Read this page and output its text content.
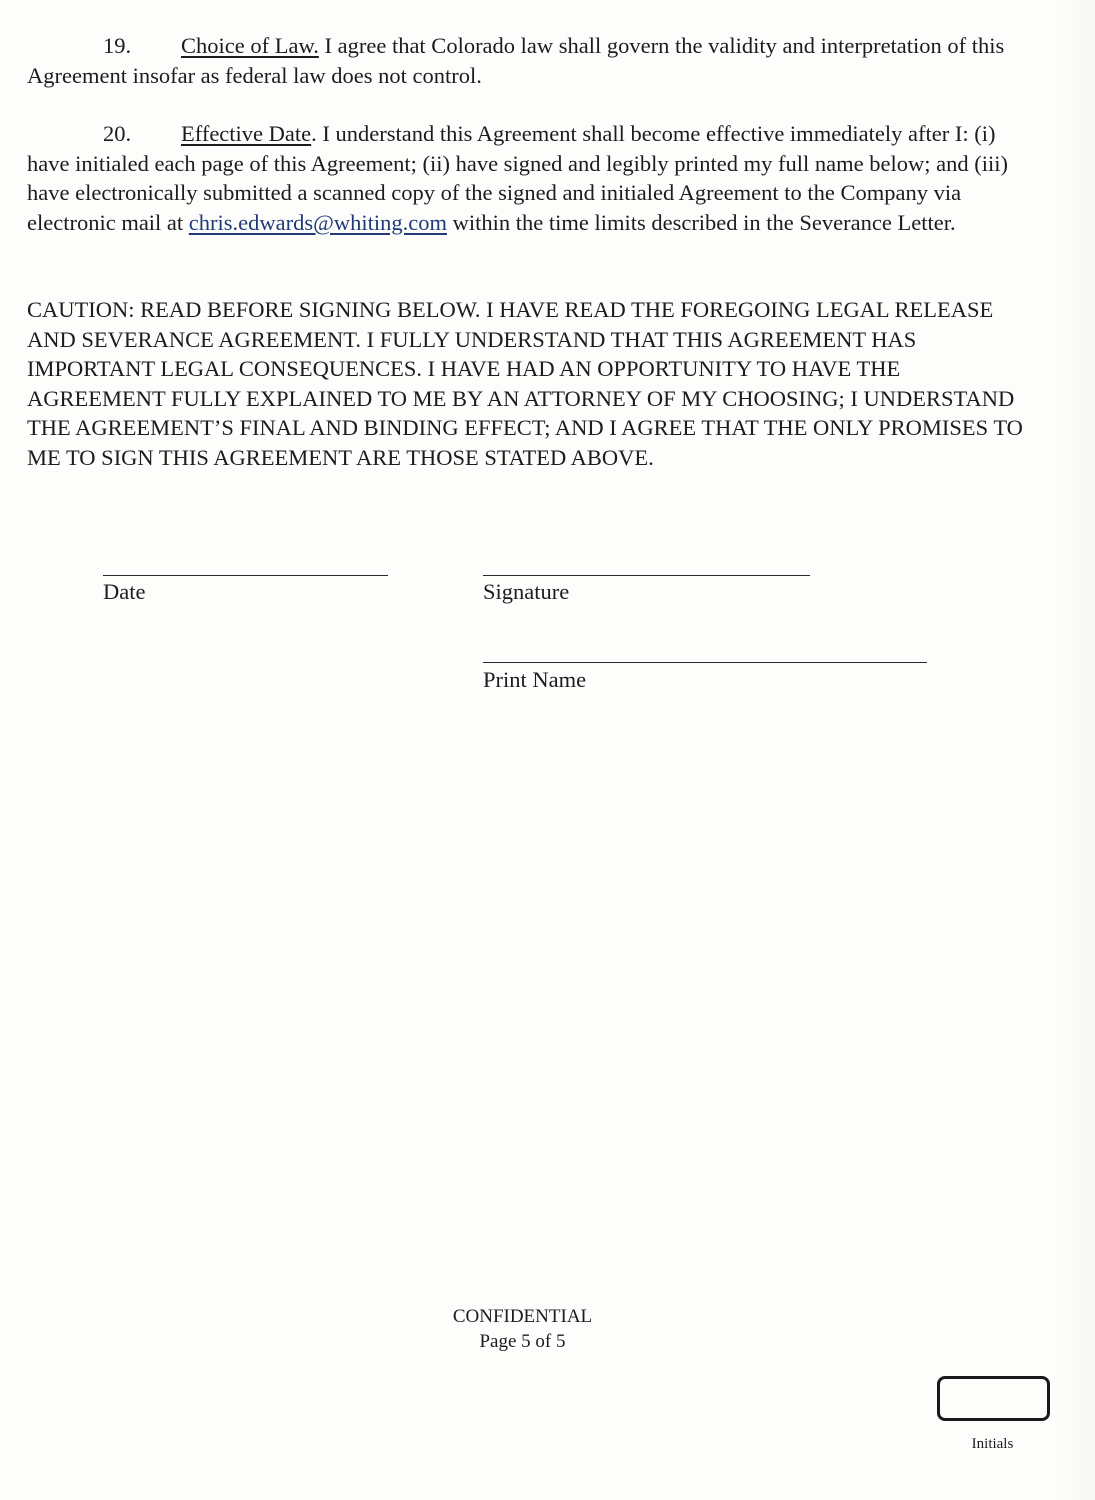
19. Choice of Law. I agree that Colorado law shall govern the validity and interpretation of this Agreement insofar as federal law does not control.

20. Effective Date. I understand this Agreement shall become effective immediately after I: (i) have initialed each page of this Agreement; (ii) have signed and legibly printed my full name below; and (iii) have electronically submitted a scanned copy of the signed and initialed Agreement to the Company via electronic mail at chris.edwards@whiting.com within the time limits described in the Severance Letter.

CAUTION: READ BEFORE SIGNING BELOW. I HAVE READ THE FOREGOING LEGAL RELEASE AND SEVERANCE AGREEMENT. I FULLY UNDERSTAND THAT THIS AGREEMENT HAS IMPORTANT LEGAL CONSEQUENCES. I HAVE HAD AN OPPORTUNITY TO HAVE THE AGREEMENT FULLY EXPLAINED TO ME BY AN ATTORNEY OF MY CHOOSING; I UNDERSTAND THE AGREEMENT’S FINAL AND BINDING EFFECT; AND I AGREE THAT THE ONLY PROMISES TO ME TO SIGN THIS AGREEMENT ARE THOSE STATED ABOVE.

Date	Signature
Print Name
CONFIDENTIAL
Page 5 of 5
Initials
